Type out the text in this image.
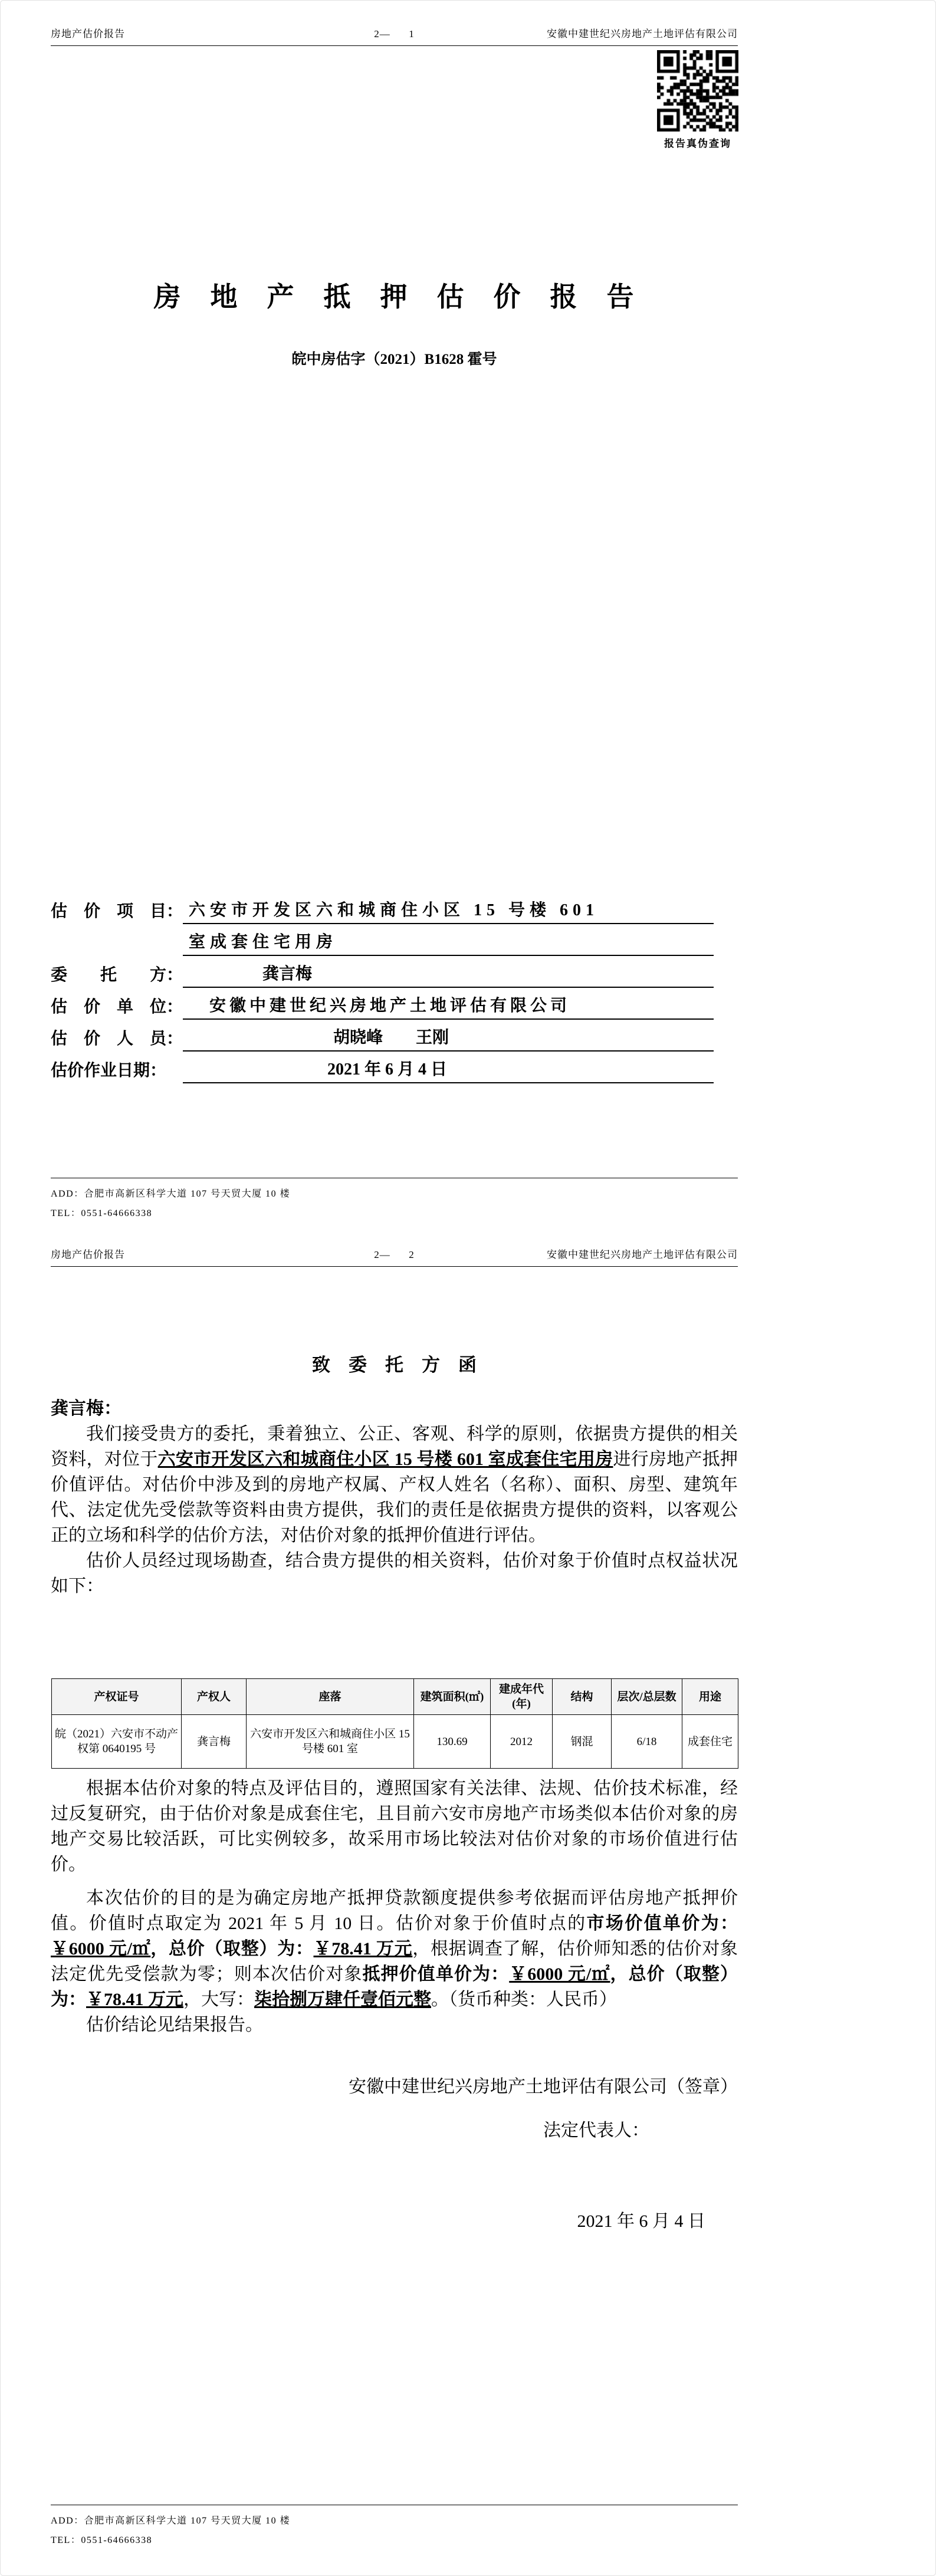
房地产估价报告	2—      1	安徽中建世纪兴房地产土地评估有限公司
报告真伪查询
房　地　产　抵　押　估　价　报　告
皖中房估字（2021）B1628 霍号
估　价　项　目： 六安市开发区六和城商住小区 15 号楼 601
室成套住宅用房
委　　托　　方：	龚言梅
估　价　单　位：	安徽中建世纪兴房地产土地评估有限公司
估　价　人　员：	胡晓峰　　王刚
估价作业日期：	2021 年 6 月 4 日
ADD：合肥市高新区科学大道 107 号天贸大厦 10 楼
TEL：0551-64666338
房地产估价报告	2—      2	安徽中建世纪兴房地产土地评估有限公司
致　委　托　方　函

龚言梅：

我们接受贵方的委托，秉着独立、公正、客观、科学的原则，依据贵方提供的相关资料，对位于六安市开发区六和城商住小区 15 号楼 601 室成套住宅用房进行房地产抵押价值评估。对估价中涉及到的房地产权属、产权人姓名（名称）、面积、房型、建筑年代、法定优先受偿款等资料由贵方提供，我们的责任是依据贵方提供的资料，以客观公正的立场和科学的估价方法，对估价对象的抵押价值进行评估。

估价人员经过现场勘查，结合贵方提供的相关资料，估价对象于价值时点权益状况如下：

产权证号	产权人	座落	建筑面积(㎡)	建成年代(年)	结构	层次/总层数	用途
皖（2021）六安市不动产权第 0640195 号	龚言梅	六安市开发区六和城商住小区 15 号楼 601 室	130.69	2012	钢混	6/18	成套住宅

根据本估价对象的特点及评估目的，遵照国家有关法律、法规、估价技术标准，经过反复研究，由于估价对象是成套住宅，且目前六安市房地产市场类似本估价对象的房地产交易比较活跃，可比实例较多，故采用市场比较法对估价对象的市场价值进行估价。

本次估价的目的是为确定房地产抵押贷款额度提供参考依据而评估房地产抵押价值。价值时点取定为 2021 年 5 月 10 日。估价对象于价值时点的市场价值单价为：￥6000 元/㎡，总价（取整）为：￥78.41 万元，根据调查了解，估价师知悉的估价对象法定优先受偿款为零；则本次估价对象抵押价值单价为：￥6000 元/㎡，总价（取整）为：￥78.41 万元，大写：柒拾捌万肆仟壹佰元整。（货币种类：人民币）

估价结论见结果报告。

安徽中建世纪兴房地产土地评估有限公司（签章）
法定代表人：
2021 年 6 月 4 日
ADD：合肥市高新区科学大道 107 号天贸大厦 10 楼
TEL：0551-64666338
